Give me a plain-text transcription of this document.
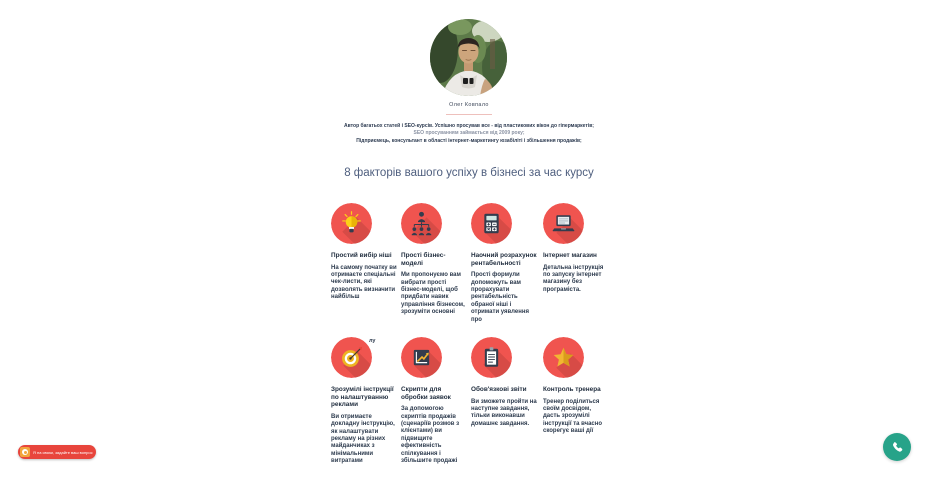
Олег Ковпало
Автор багатьох статей і SEO-курсів. Успішно просував все - від пластикових вікон до гіпермаркетів;
SEO просуванням займається від 2009 року;
Підприємець, консультант в області інтернет-маркетингу юзабіліті і збільшення продажів;
8 факторів вашого успіху в бізнесі за час курсу
Простий вибір ніші

На самому початку ви отримаєте спеціальні чек-листи, які дозволять визначити найбільш

Прості бізнес-моделі

Ми пропонуємо вам вибрати прості бізнес-моделі, щоб придбати навик управління бізнесом, зрозуміти основні

Наочний розрахунок рентабельності

Прості формули допоможуть вам прорахувати рентабельність обраної ніші і отримати уявлення про

Інтернет магазин

Детальна інструкція по запуску інтернет магазину без програміста.

лу
Зрозумілі інструкції по налаштуванню реклами

Ви отримаєте докладну інструкцію, як налаштувати рекламу на різних майданчиках з мінімальними витратами

Скрипти для обробки заявок

За допомогою скриптів продажів (сценаріїв розмов з клієнтами) ви підвищите ефективність спілкування і збільшите продажі

Обов'язкові звіти

Ви зможете пройти на наступне завдання, тільки виконавши домашнє завдання.

Контроль тренера

Тренер поділиться своїм досвідом, дасть зрозумілі інструкції та вчасно скорегує ваші дії

Я на связи, задайте ваш вопрос
